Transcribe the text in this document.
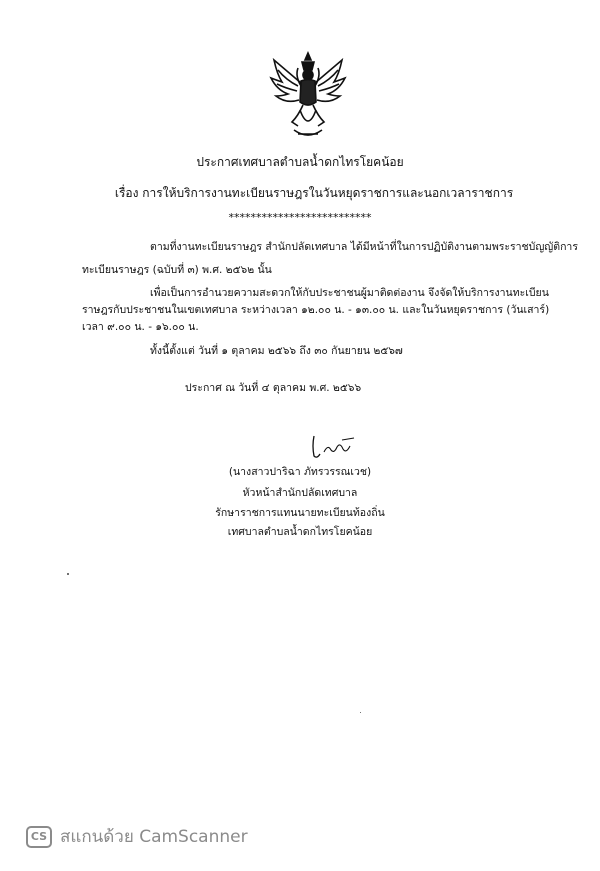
ประกาศเทศบาลตำบลน้ำดกไทรโยคน้อย
เรื่อง การให้บริการงานทะเบียนราษฎรในวันหยุดราชการและนอกเวลาราชการ
**************************
ตามที่งานทะเบียนราษฎร สำนักปลัดเทศบาล ได้มีหน้าที่ในการปฏิบัติงานตามพระราชบัญญัติการ
ทะเบียนราษฎร (ฉบับที่ ๓) พ.ศ. ๒๕๖๒ นั้น
เพื่อเป็นการอำนวยความสะดวกให้กับประชาชนผู้มาติดต่องาน จึงจัดให้บริการงานทะเบียน
ราษฎรกับประชาชนในเขตเทศบาล ระหว่างเวลา ๑๒.๐๐ น. - ๑๓.๐๐ น. และในวันหยุดราชการ (วันเสาร์)
เวลา ๙.๐๐ น. - ๑๖.๐๐ น.
ทั้งนี้ตั้งแต่ วันที่ ๑ ตุลาคม ๒๕๖๖ ถึง ๓๐ กันยายน ๒๕๖๗
ประกาศ ณ วันที่ ๔ ตุลาคม พ.ศ. ๒๕๖๖
(นางสาวปาริฉา ภัทรวรรณเวช)
หัวหน้าสำนักปลัดเทศบาล
รักษาราชการแทนนายทะเบียนท้องถิ่น
เทศบาลตำบลน้ำดกไทรโยคน้อย
CS สแกนด้วย CamScanner
